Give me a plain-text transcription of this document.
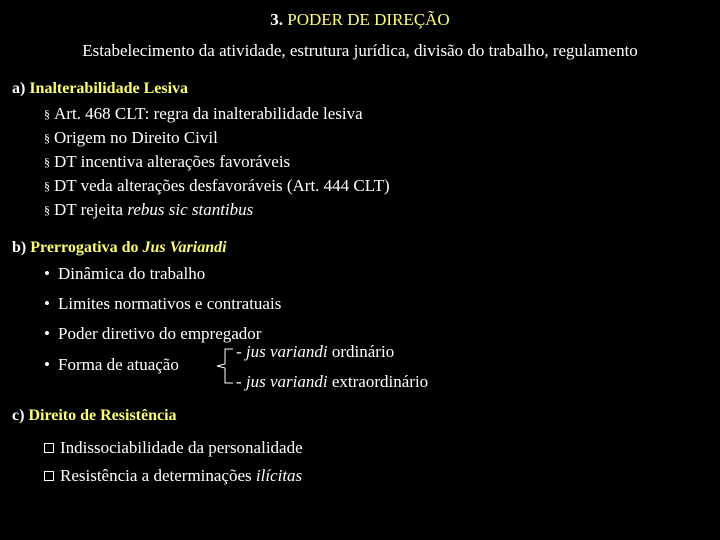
3. PODER DE DIREÇÃO
Estabelecimento da atividade, estrutura jurídica, divisão do trabalho, regulamento
a) Inalterabilidade Lesiva
§ Art. 468 CLT: regra da inalterabilidade lesiva
§ Origem no Direito Civil
§ DT incentiva alterações favoráveis
§ DT veda alterações desfavoráveis (Art. 444 CLT)
§ DT rejeita rebus sic stantibus
b) Prerrogativa do Jus Variandi
• Dinâmica do trabalho
• Limites normativos e contratuais
• Poder diretivo do empregador
• Forma de atuação
- jus variandi ordinário
- jus variandi extraordinário
c) Direito de Resistência
Indissociabilidade da personalidade
Resistência a determinações ilícitas
